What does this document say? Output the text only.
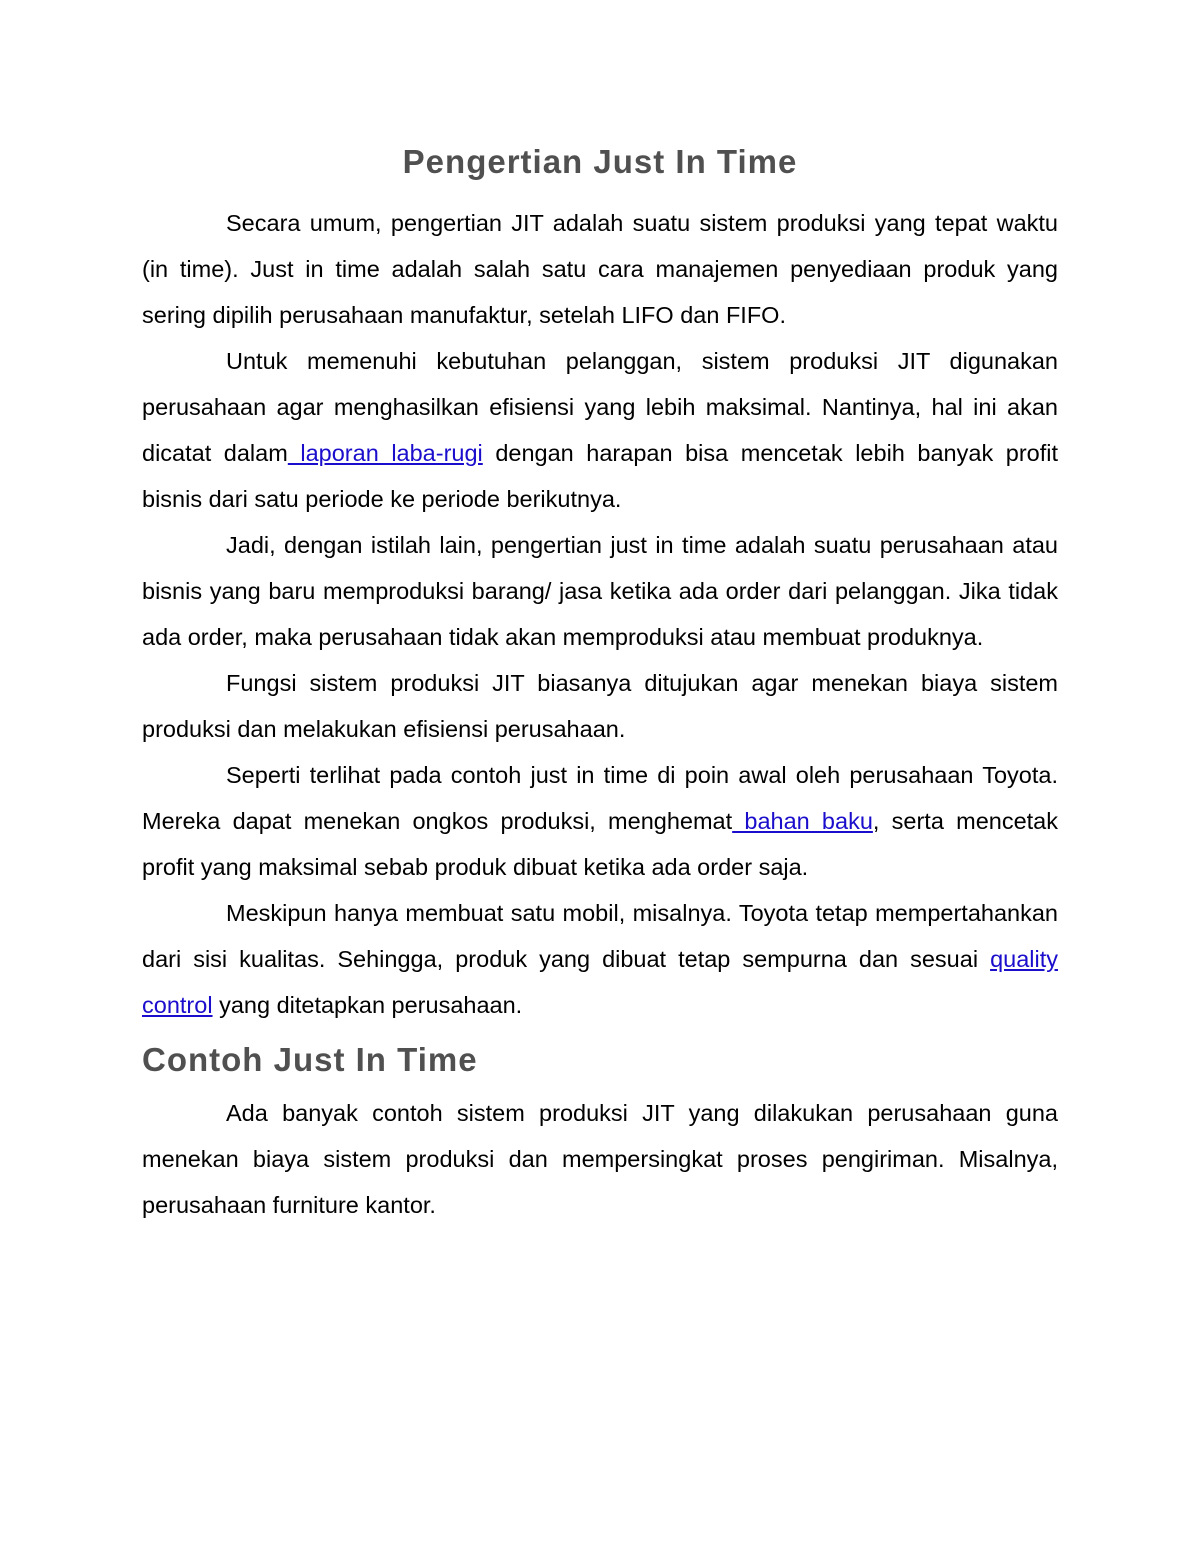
Pengertian Just In Time

Secara umum, pengertian JIT adalah suatu sistem produksi yang tepat waktu (in time). Just in time adalah salah satu cara manajemen penyediaan produk yang sering dipilih perusahaan manufaktur, setelah LIFO dan FIFO.

Untuk memenuhi kebutuhan pelanggan, sistem produksi JIT digunakan perusahaan agar menghasilkan efisiensi yang lebih maksimal. Nantinya, hal ini akan dicatat dalam laporan laba-rugi dengan harapan bisa mencetak lebih banyak profit bisnis dari satu periode ke periode berikutnya.

Jadi, dengan istilah lain, pengertian just in time adalah suatu perusahaan atau bisnis yang baru memproduksi barang/ jasa ketika ada order dari pelanggan. Jika tidak ada order, maka perusahaan tidak akan memproduksi atau membuat produknya.

Fungsi sistem produksi JIT biasanya ditujukan agar menekan biaya sistem produksi dan melakukan efisiensi perusahaan.

Seperti terlihat pada contoh just in time di poin awal oleh perusahaan Toyota. Mereka dapat menekan ongkos produksi, menghemat bahan baku, serta mencetak profit yang maksimal sebab produk dibuat ketika ada order saja.

Meskipun hanya membuat satu mobil, misalnya. Toyota tetap mempertahankan dari sisi kualitas. Sehingga, produk yang dibuat tetap sempurna dan sesuai quality control yang ditetapkan perusahaan.

Contoh Just In Time

Ada banyak contoh sistem produksi JIT yang dilakukan perusahaan guna menekan biaya sistem produksi dan mempersingkat proses pengiriman. Misalnya, perusahaan furniture kantor.
